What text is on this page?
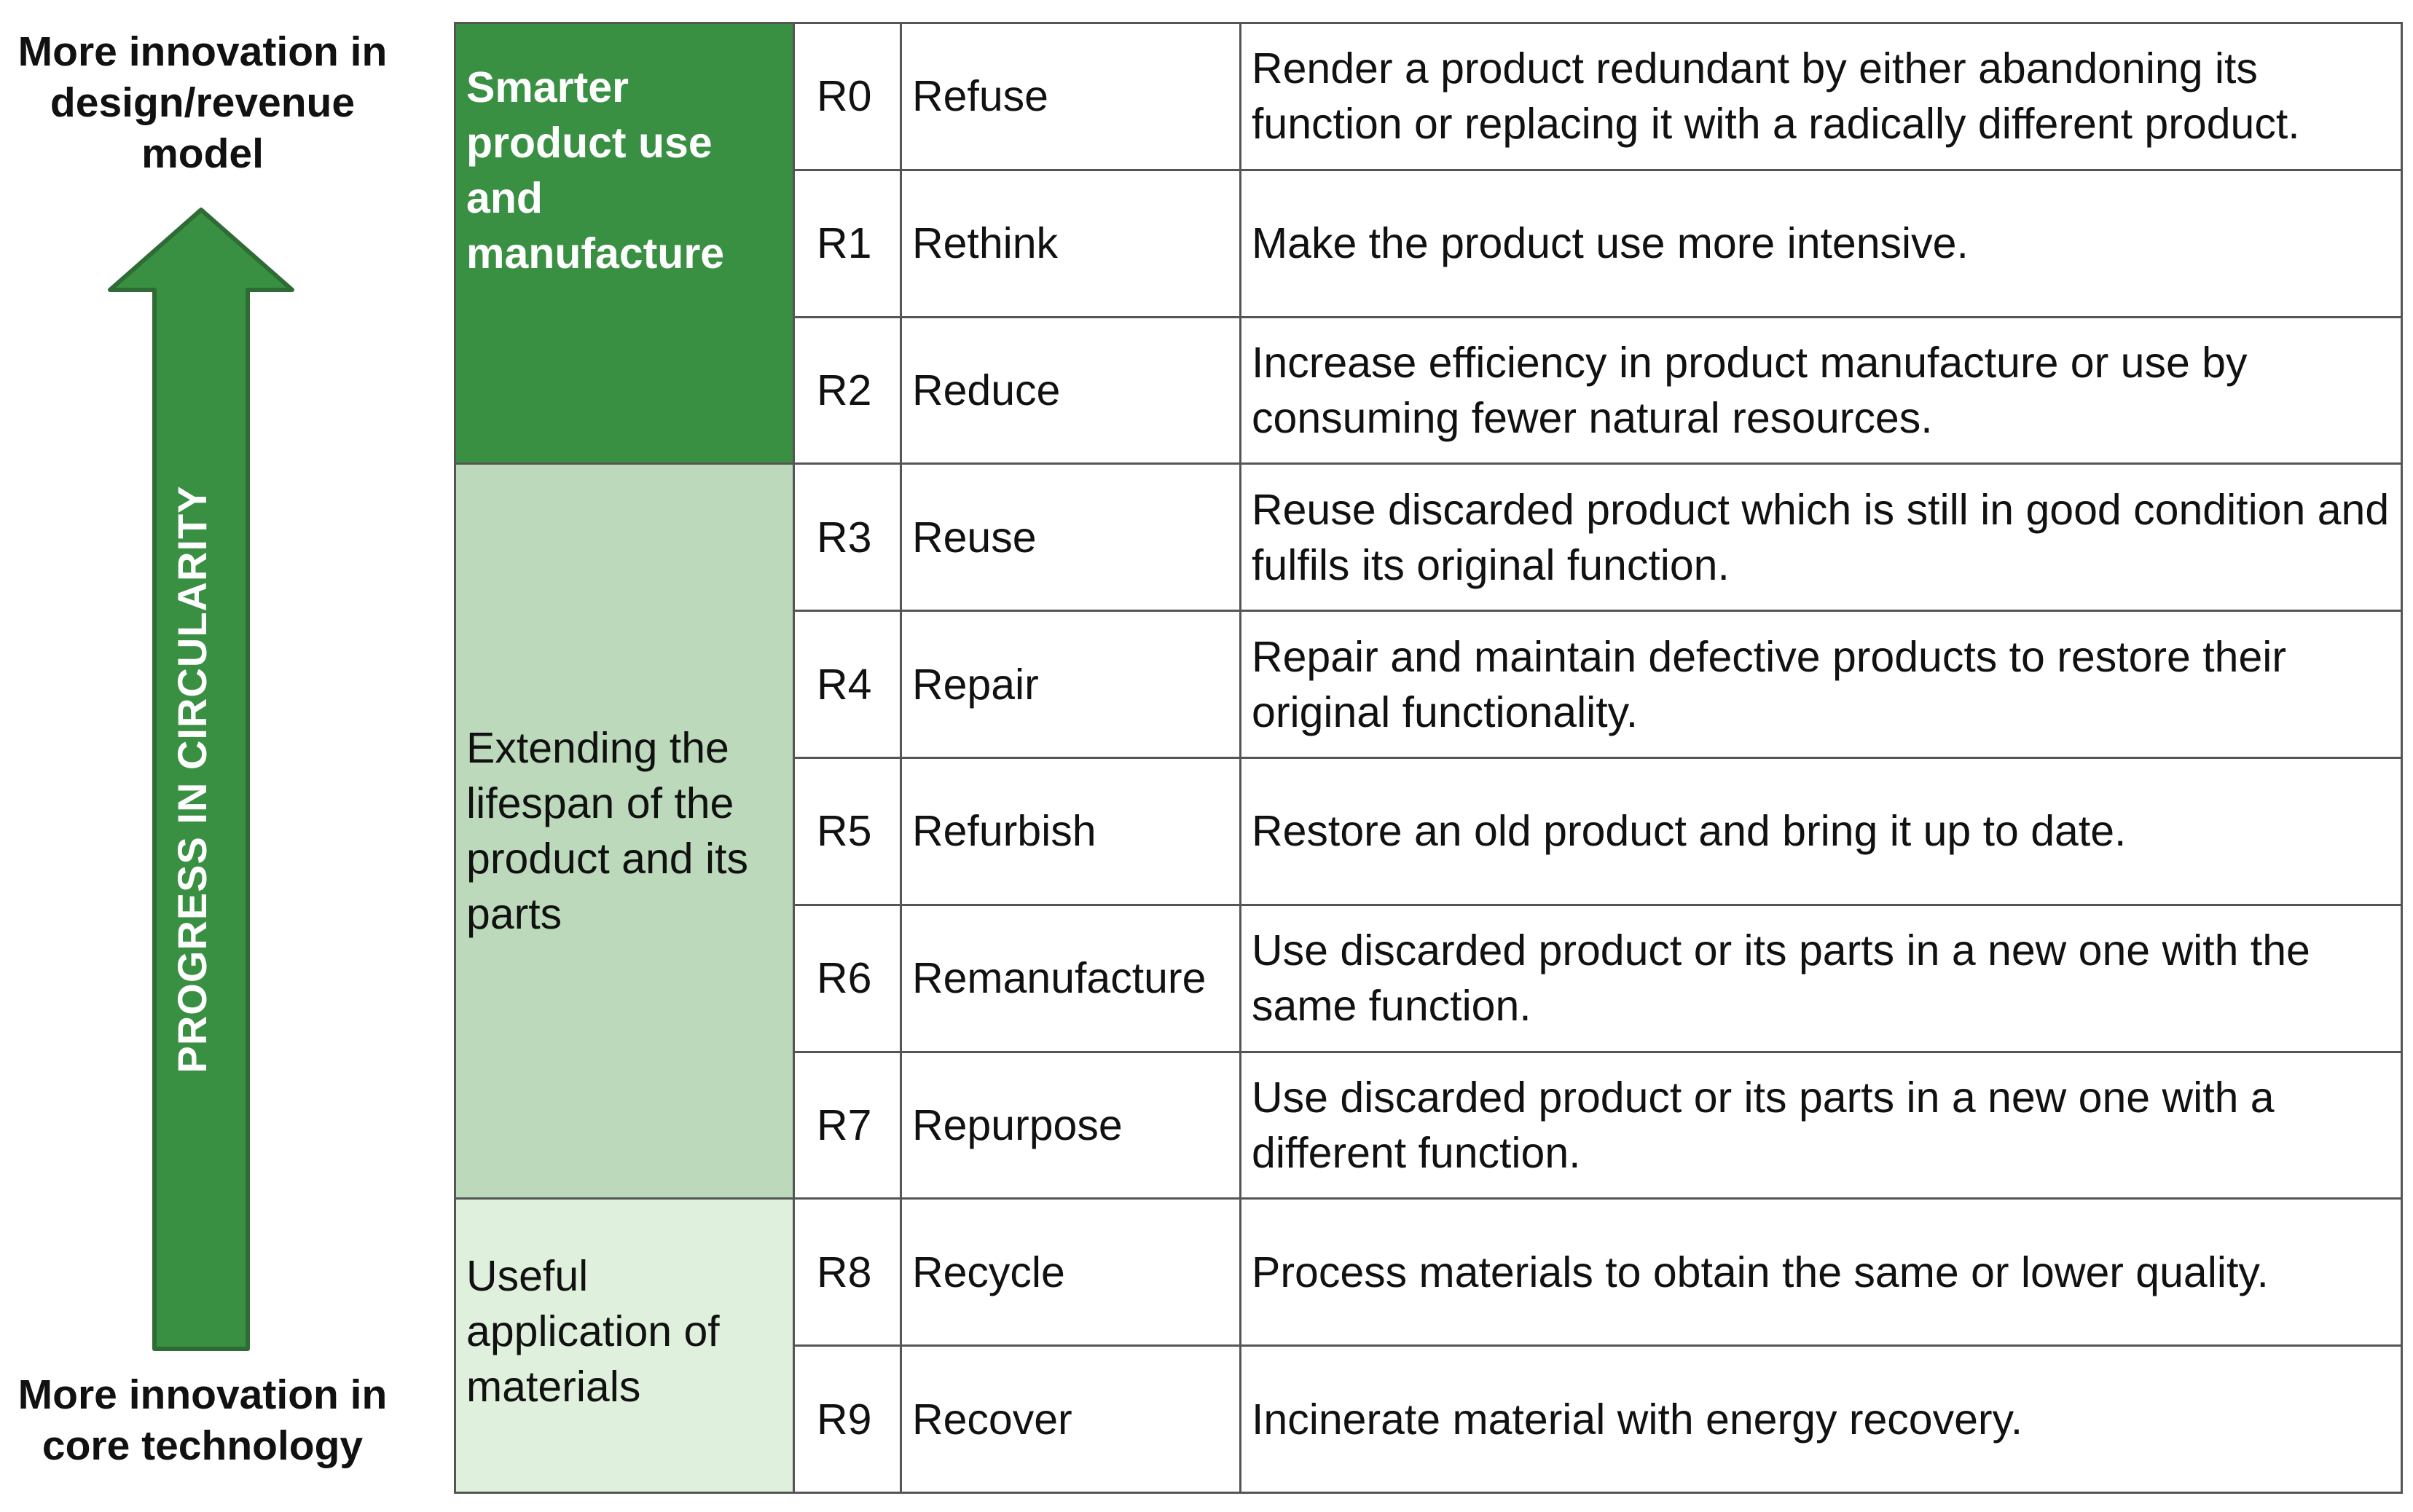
More innovation in
design/revenue
model
PROGRESS IN CIRCULARITY
More innovation in
core technology
Smarter
product use
and
manufacture	R0	Refuse	Render a product redundant by either abandoning its function or replacing it with a radically different product.
	R1	Rethink	Make the product use more intensive.
	R2	Reduce	Increase efficiency in product manufacture or use by consuming fewer natural resources.

Extending the
lifespan of the
product and its
parts	R3	Reuse	Reuse discarded product which is still in good condition and fulfils its original function.
	R4	Repair	Repair and maintain defective products to restore their original functionality.
	R5	Refurbish	Restore an old product and bring it up to date.
	R6	Remanufacture	Use discarded product or its parts in a new one with the same function.
	R7	Repurpose	Use discarded product or its parts in a new one with a different function.

Useful
application of
materials	R8	Recycle	Process materials to obtain the same or lower quality.
	R9	Recover	Incinerate material with energy recovery.
